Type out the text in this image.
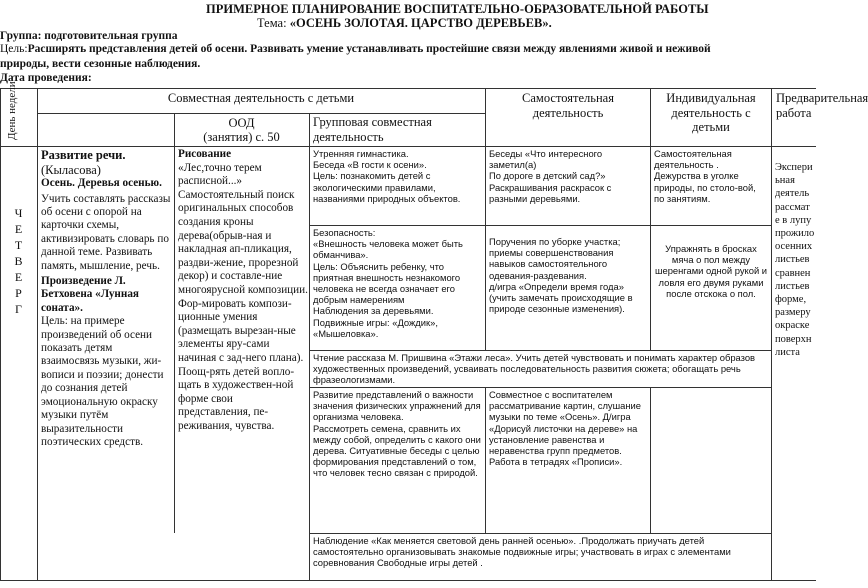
ПРИМЕРНОЕ ПЛАНИРОВАНИЕ ВОСПИТАТЕЛЬНО-ОБРАЗОВАТЕЛЬНОЙ РАБОТЫ
Тема: «ОСЕНЬ ЗОЛОТАЯ. ЦАРСТВО ДЕРЕВЬЕВ».
Группа: подготовительная группа
Цель:Расширять представления детей об осени. Развивать умение устанавливать простейшие связи между явлениями живой и неживой
природы, вести сезонные наблюдения.
Дата проведения:
День недели	Совместная деятельность с детьми
ООД
(занятия) с. 50
Групповая совместная деятельность
Самостоятельная деятельность
Индивидуальная деятельность с детьми
Предварительная работа
Ч
Е
Т
В
Е
Р
Г
Развитие речи.
(Кыласова)
Осень. Деревья осенью.
Учить составлять рассказы об осени с опорой на карточки схемы, активизировать словарь по данной теме. Развивать память, мышление, речь.
Произведение Л. Бетховена «Лунная соната».
Цель: на примере произведений об осени показать детям взаимосвязь музыки, жи-вописи и поэзии; донести до сознания детей эмоциональную окраску музыки путём выразительности поэтических средств.
Рисование
«Лес,точно терем расписной...» Самостоятельный поиск оригинальных способов создания кроны дерева(обрыв-ная и накладная ап-пликация, раздви-жение, прорезной декор) и составле-ние многоярусной композиции. Фор-мировать компози-ционные умения (размещать вырезан-ные элементы яру-сами начиная с зад-него плана). Поощ-рять детей вопло-щать в художествен-ной форме свои представления, пе-реживания, чувства.
Утренняя гимнастика.
Беседа «В гости к осени».
Цель: познакомить детей с экологическими правилами, названиями природных объектов.
Безопасность:
«Внешность человека может быть обманчива».
Цель: Объяснить ребенку, что приятная внешность незнакомого человека не всегда означает его добрым намерениям
Наблюдения за деревьями.
Подвижные игры: «Дождик», «Мышеловка».
Чтение рассказа М. Пришвина «Этажи леса». Учить детей чувствовать и понимать характер образов художественных произведений, усваивать последовательность развития сюжета; обогащать речь фразеологизмами.
Развитие представлений о важности значения физических упражнений для организма человека.
Рассмотреть семена, сравнить их между собой, определить с какого они дерева. Ситуативные беседы с целью формирования представлений о том, что человек тесно связан с природой.
Беседы «Что интересного заметил(а)
По дороге в детский сад?»
Раскрашивания раскрасок с разными деревьями.
Поручения по уборке участка; приемы совершенствования навыков самостоятельного одевания-раздевания.
д/игра «Определи время года» (учить замечать происходящие в природе сезонные изменения).
Совместное с воспитателем рассматривание картин, слушание музыки по теме «Осень». Д/игра «Дорисуй листочки на дереве» на установление равенства и неравенства групп предметов. Работа в тетрадях «Прописи».
Самостоятельная деятельность .
Дежурства в уголке природы, по столо-вой, по занятиям.
Упражнять в бросках мяча о пол между шеренгами одной рукой и ловля его двумя руками после отскока о пол.
Экспери
ьная
деятель
рассмат
е в лупу
прожило
осенних
листьев
сравнен
листьев
форме,
размеру
окраске
поверхн
листа
Наблюдение «Как меняется световой день ранней осенью». .Продолжать приучать детей самостоятельно организовывать знакомые подвижные игры; участвовать в играх с элементами соревнования Свободные игры детей .
